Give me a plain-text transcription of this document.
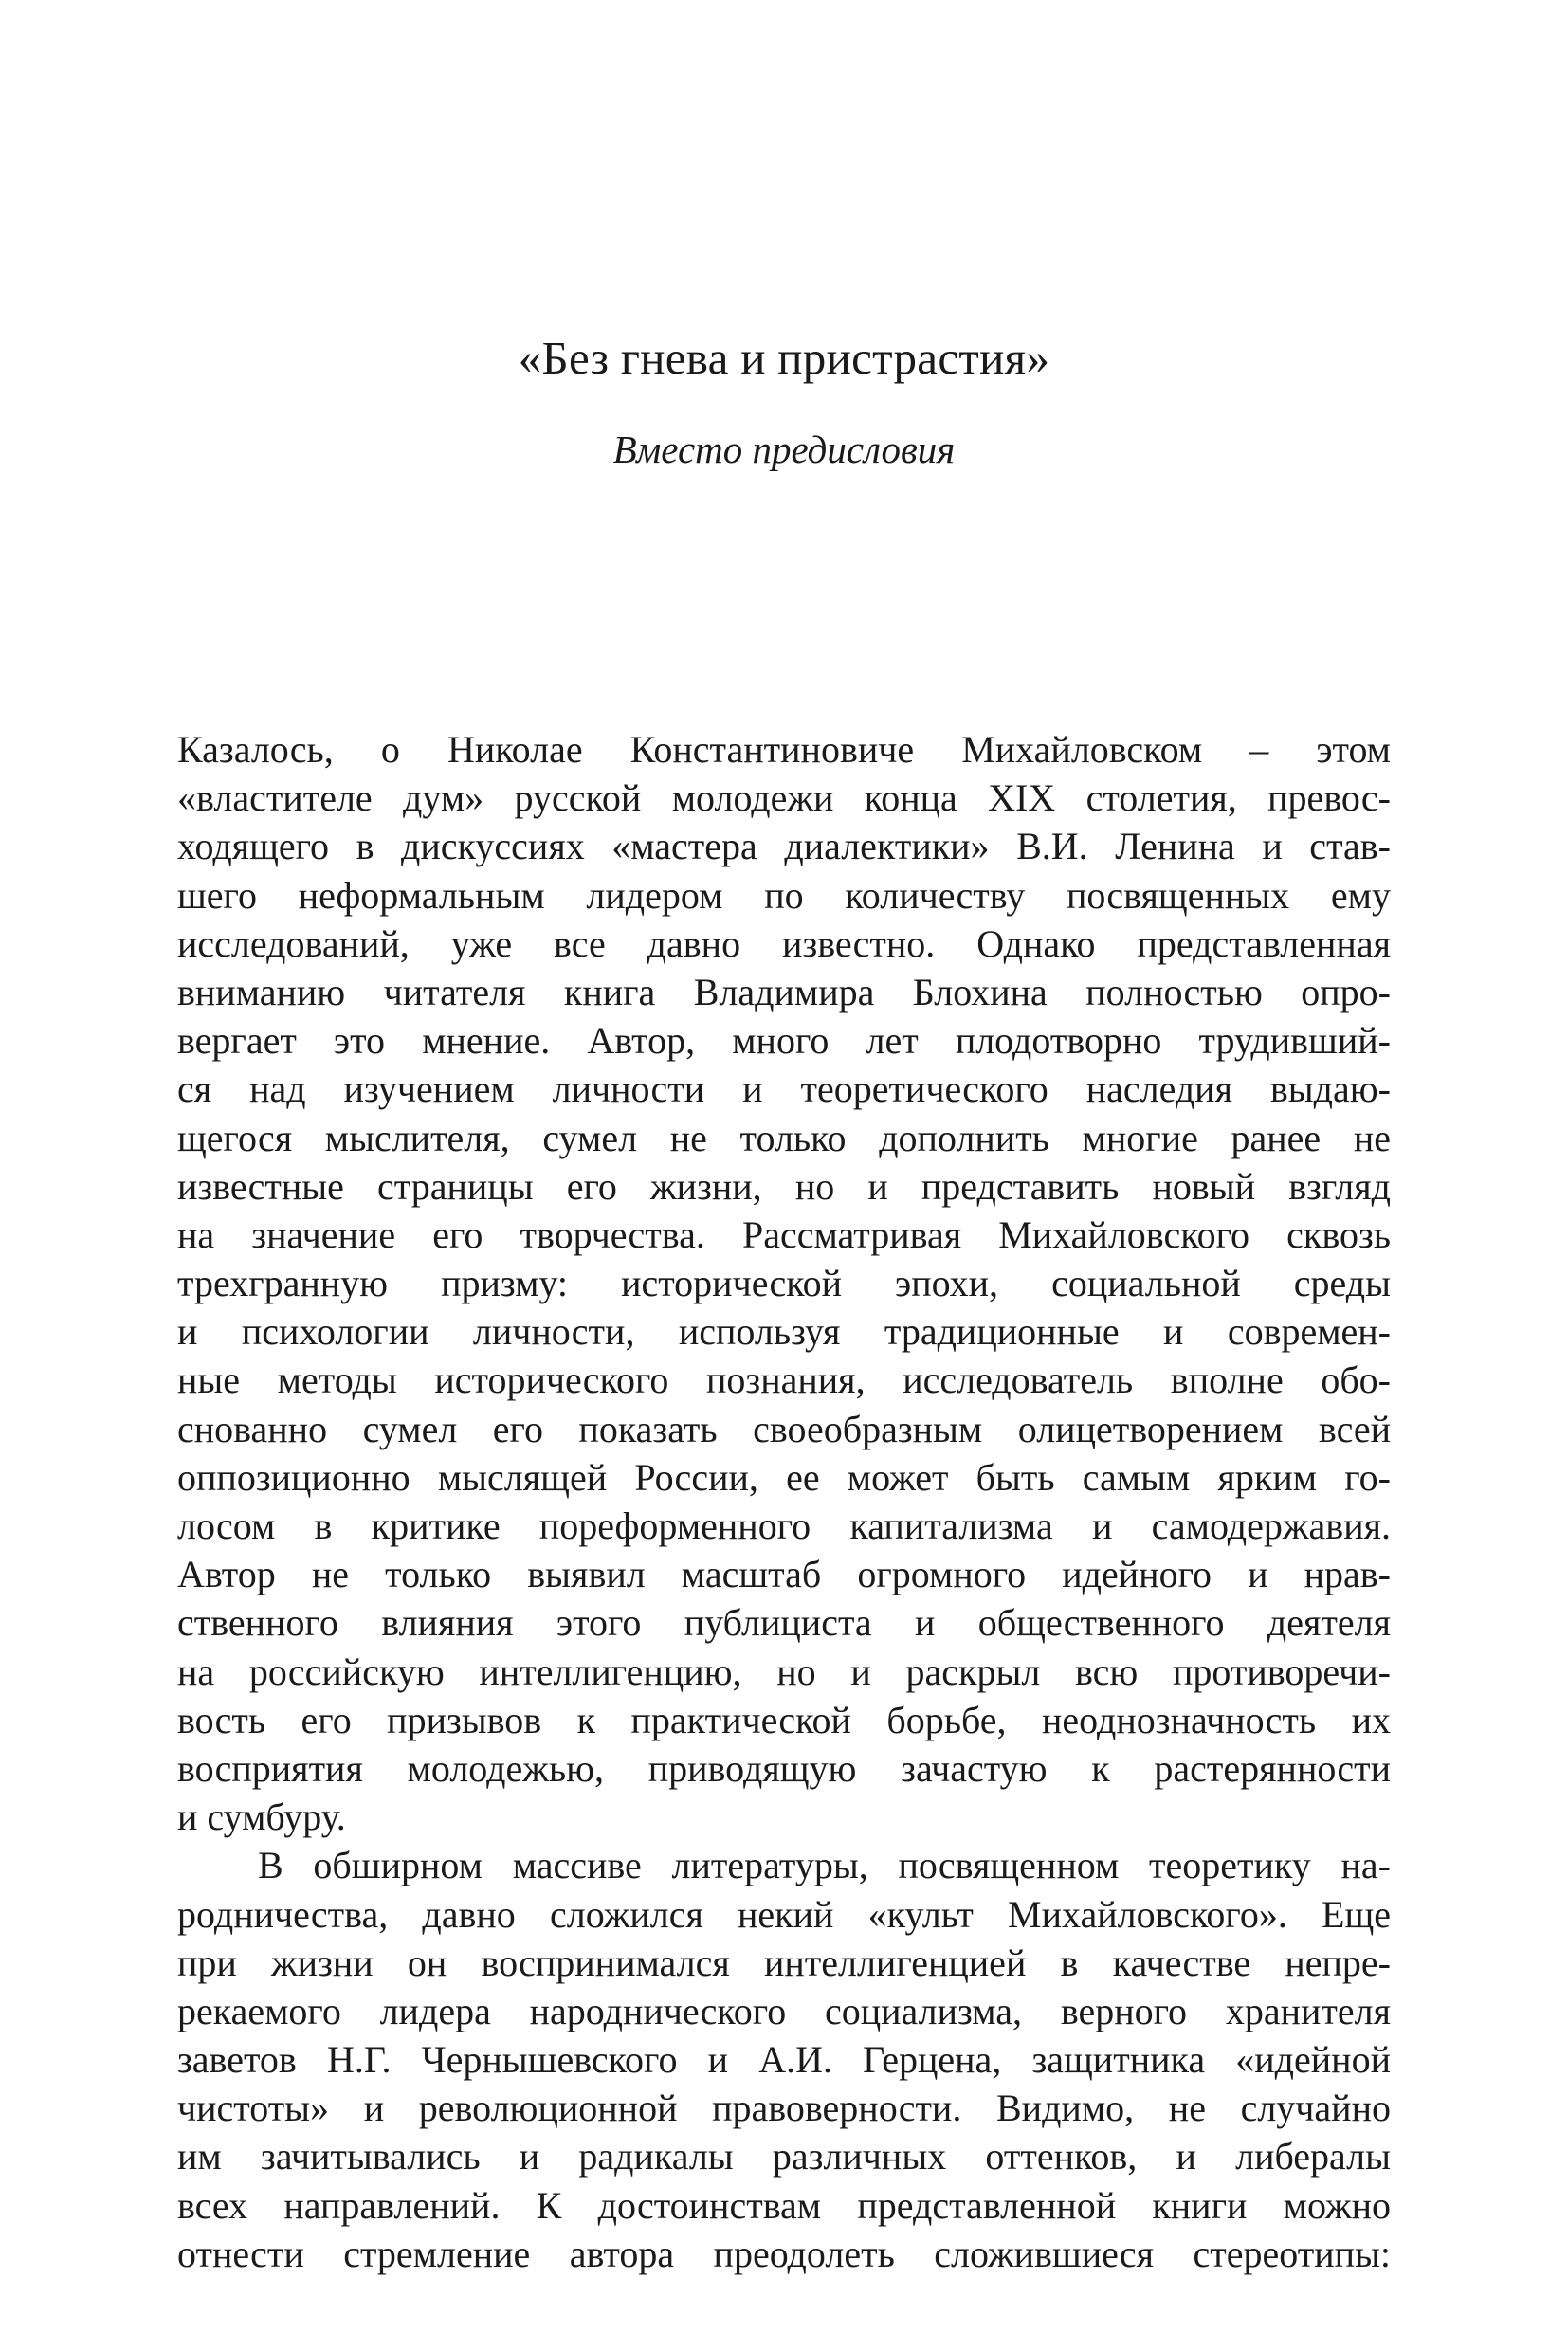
«Без гнева и пристрастия»
Вместо предисловия

Казалось, о Николае Константиновиче Михайловском – этом
«властителе дум» русской молодежи конца XIX столетия, превос-
ходящего в дискуссиях «мастера диалектики» В.И. Ленина и став-
шего неформальным лидером по количеству посвященных ему
исследований, уже все давно известно. Однако представленная
вниманию читателя книга Владимира Блохина полностью опро-
вергает это мнение. Автор, много лет плодотворно трудивший-
ся над изучением личности и теоретического наследия выдаю-
щегося мыслителя, сумел не только дополнить многие ранее не
известные страницы его жизни, но и представить новый взгляд
на значение его творчества. Рассматривая Михайловского сквозь
трехгранную призму: исторической эпохи, социальной среды
и психологии личности, используя традиционные и современ-
ные методы исторического познания, исследователь вполне обо-
снованно сумел его показать своеобразным олицетворением всей
оппозиционно мыслящей России, ее может быть самым ярким го-
лосом в критике пореформенного капитализма и самодержавия.
Автор не только выявил масштаб огромного идейного и нрав-
ственного влияния этого публициста и общественного деятеля
на российскую интеллигенцию, но и раскрыл всю противоречи-
вость его призывов к практической борьбе, неоднозначность их
восприятия молодежью, приводящую зачастую к растерянности
и сумбуру.

В обширном массиве литературы, посвященном теоретику на-
родничества, давно сложился некий «культ Михайловского». Еще
при жизни он воспринимался интеллигенцией в качестве непре-
рекаемого лидера народнического социализма, верного хранителя
заветов Н.Г. Чернышевского и А.И. Герцена, защитника «идейной
чистоты» и революционной правоверности. Видимо, не случайно
им зачитывались и радикалы различных оттенков, и либералы
всех направлений. К достоинствам представленной книги можно
отнести стремление автора преодолеть сложившиеся стереотипы:
